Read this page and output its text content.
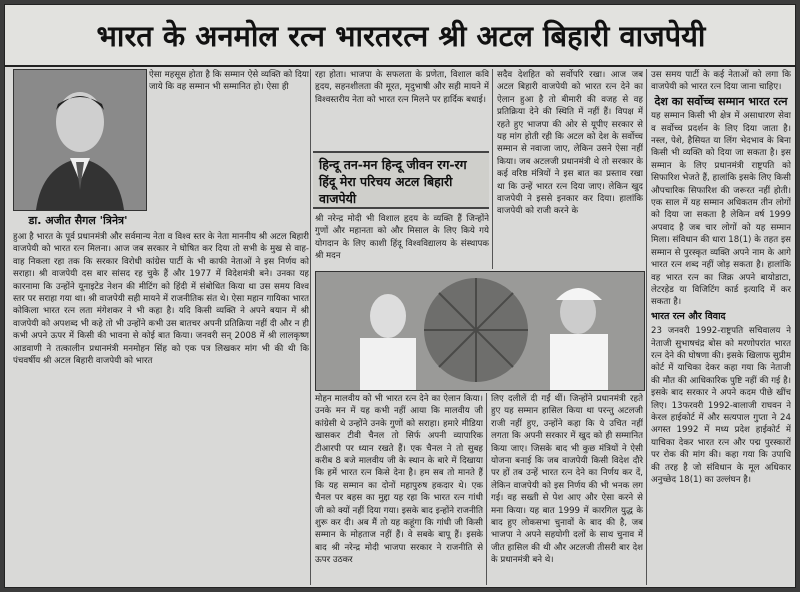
भारत के अनमोल रत्न भारतरत्न श्री अटल बिहारी वाजपेयी
डा. अजीत सैगल 'त्रिनेत्र'
ऐसा महसूस होता है कि सम्मान ऐसे व्यक्ति को दिया जाये कि वह सम्मान भी सम्मानित हो। ऐसा ही
हुआ है भारत के पूर्व प्रधानमंत्री और सर्वमान्य नेता व विश्व स्तर के नेता माननीय श्री अटल बिहारी वाजपेयी को भारत रत्न मिलना। आज जब सरकार ने घोषित कर दिया तो सभी के मुख से वाह-वाह निकला रहा तक कि सरकार विरोधी कांग्रेस पार्टी के भी काफी नेताओं ने इस निर्णय को सराहा। श्री वाजपेयी दस बार सांसद रह चुके हैं और 1977 में विदेशमंत्री बने। उनका यह कारनामा कि उन्होंने यूनाइटेड नेशन की मीटिंग को हिंदी में संबोधित किया था उस समय विश्व स्तर पर सराहा गया था। श्री वाजपेयी सही मायने में राजनीतिक संत थे। ऐसा महान गायिका भारत कोकिला भारत रत्न लता मंगेशकर ने भी कहा है। यदि किसी व्यक्ति ने अपने बयान में श्री वाजपेयी को अपशब्द भी कहे तो भी उन्होंने कभी उस बातचर अपनी प्रतिक्रिया नहीं दी और न ही कभी अपने ऊपर में किसी की भावना से कोई बात किया। जनवरी सन् 2008 में श्री लालकृष्ण आडवाणी ने तत्कालीन प्रधानमंत्री मनमोहन सिंह को एक पत्र लिखकर मांग भी की थी कि पंचवर्षीय श्री अटल बिहारी वाजपेयी को भारत
रहा होता। भाजपा के सफलता के प्रणेता, विशाल कवि हृदय, सहनशीलता की मूरत, मृदुभाषी और सही मायने में विश्वस्तरीय नेता को भारत रत्न मिलने पर हार्दिक बधाई।
हिन्दू तन-मन हिन्दू जीवन रग-रग हिंदू मेरा परिचय अटल बिहारी वाजपेयी
श्री नरेन्द्र मोदी भी विशाल हृदय के व्यक्ति हैं जिन्होंने गुणों और महानता को और मिसाल के लिए किये गये योगदान के लिए काशी हिंदू विश्वविद्यालय के संस्थापक श्री मदन
सदैव देशहित को सर्वोपरि रखा। आज जब अटल बिहारी वाजपेयी को भारत रत्न देने का ऐलान हुआ है तो बीमारी की वजह से वह प्रतिक्रिया देने की स्थिति में नहीं हैं। विपक्ष में रहते हुए भाजपा की ओर से यूपीए सरकार से यह मांग होती रही कि अटल को देश के सर्वोच्च सम्मान से नवाजा जाए, लेकिन उसने ऐसा नहीं किया। जब अटलजी प्रधानमंत्री थे तो सरकार के कई वरिष्ठ मंत्रियों ने इस बात का प्रस्ताव रखा था कि उन्हें भारत रत्न दिया जाए। लेकिन खुद वाजपेयी ने इससे इनकार कर दिया। हालांकि वाजपेयी को राजी करने के
मोहन मालवीय को भी भारत रत्न देने का ऐलान किया। उनके मन में यह कभी नहीं आया कि मालवीय जी कांग्रेसी थे उन्होंने उनके गुणों को सराहा। हमारे मीडिया खासकर टीवी चैनल तो सिर्फ अपनी व्यापारिक टीआरपी पर ध्यान रखते हैं। एक चैनल ने तो सुबह करीब 8 बजे मालवीय जी के स्थान के बारे में दिखाया कि हमें भारत रत्न किसे देना है। हम सब तो मानते हैं कि यह सम्मान का दोनों महापुरुष हकदार थे। एक चैनल पर बहस का मुद्दा यह रहा कि भारत रत्न गांधी जी को क्यों नहीं दिया गया। इसके बाद इन्होंने राजनीति शुरू कर दी। अब मैं तो यह कहूंगा कि गांधी जी किसी सम्मान के मोहताज नहीं हैं। वे सबके बापू हैं। इसके बाद श्री नरेन्द्र मोदी भाजपा सरकार ने राजनीति से ऊपर उठकर
लिए दलीलें दी गईं थीं। जिन्होंने प्रधानमंत्री रहते हुए यह सम्मान हासिल किया था परन्तु अटलजी राजी नहीं हुए, उन्होंने कहा कि ये उचित नहीं लगता कि अपनी सरकार में खुद को ही सम्मानित किया जाए। जिसके बाद भी कुछ मंत्रियों ने ऐसी योजना बनाई कि जब वाजपेयी किसी विदेश दौरे पर हों तब उन्हें भारत रत्न देने का निर्णय कर दें, लेकिन वाजपेयी को इस निर्णय की भी भनक लग गई। वह सख्ती से पेश आए और ऐसा करने से मना किया। यह बात 1999 में कारगिल युद्ध के बाद हुए लोकसभा चुनावों के बाद की है, जब भाजपा ने अपने सहयोगी दलों के साथ चुनाव में जीत हासिल की थी और अटलजी तीसरी बार देश के प्रधानमंत्री बने थे।

उस समय पार्टी के कई नेताओं को लगा कि वाजपेयी को भारत रत्न दिया जाना चाहिए।

देश का सर्वोच्च सम्मान भारत रत्न

यह सम्मान किसी भी क्षेत्र में असाधारण सेवा व सर्वोच्च प्रदर्शन के लिए दिया जाता है। नस्ल, पेशे, हैसियत या लिंग भेदभाव के बिना किसी भी व्यक्ति को दिया जा सकता है। इस सम्मान के लिए प्रधानमंत्री राष्ट्रपति को सिफारिश भेजते हैं, हालांकि इसके लिए किसी औपचारिक सिफारिश की जरूरत नहीं होती। एक साल में यह सम्मान अधिकतम तीन लोगों को दिया जा सकता है लेकिन वर्ष 1999 अपवाद है जब चार लोगों को यह सम्मान मिला। संविधान की धारा 18(1) के तहत इस सम्मान से पुरस्कृत व्यक्ति अपने नाम के आगे भारत रत्न शब्द नहीं जोड़ सकता है। हालांकि वह भारत रत्न का जिक्र अपने बायोडाटा, लेटरहेड या विजिटिंग कार्ड इत्यादि में कर सकता है।

भारत रत्न और विवाद

23 जनवरी 1992-राष्ट्रपति सचिवालय ने नेताजी सुभाषचंद्र बोस को मरणोपरांत भारत रत्न देने की घोषणा की। इसके खिलाफ सुप्रीम कोर्ट में याचिका देकर कहा गया कि नेताजी की मौत की आधिकारिक पुष्टि नहीं की गई है। इसके बाद सरकार ने अपने कदम पीछे खींच लिए। 13फरवरी 1992-बालाजी राघवन ने केरल हाईकोर्ट में और सत्यपाल गुप्ता ने 24 अगस्त 1992 में मध्य प्रदेश हाईकोर्ट में याचिका देकर भारत रत्न और पद्म पुरस्कारों पर रोक की मांग की। कहा गया कि उपाधि की तरह है जो संविधान के मूल अधिकार अनुच्छेद 18(1) का उल्लंघन है।
